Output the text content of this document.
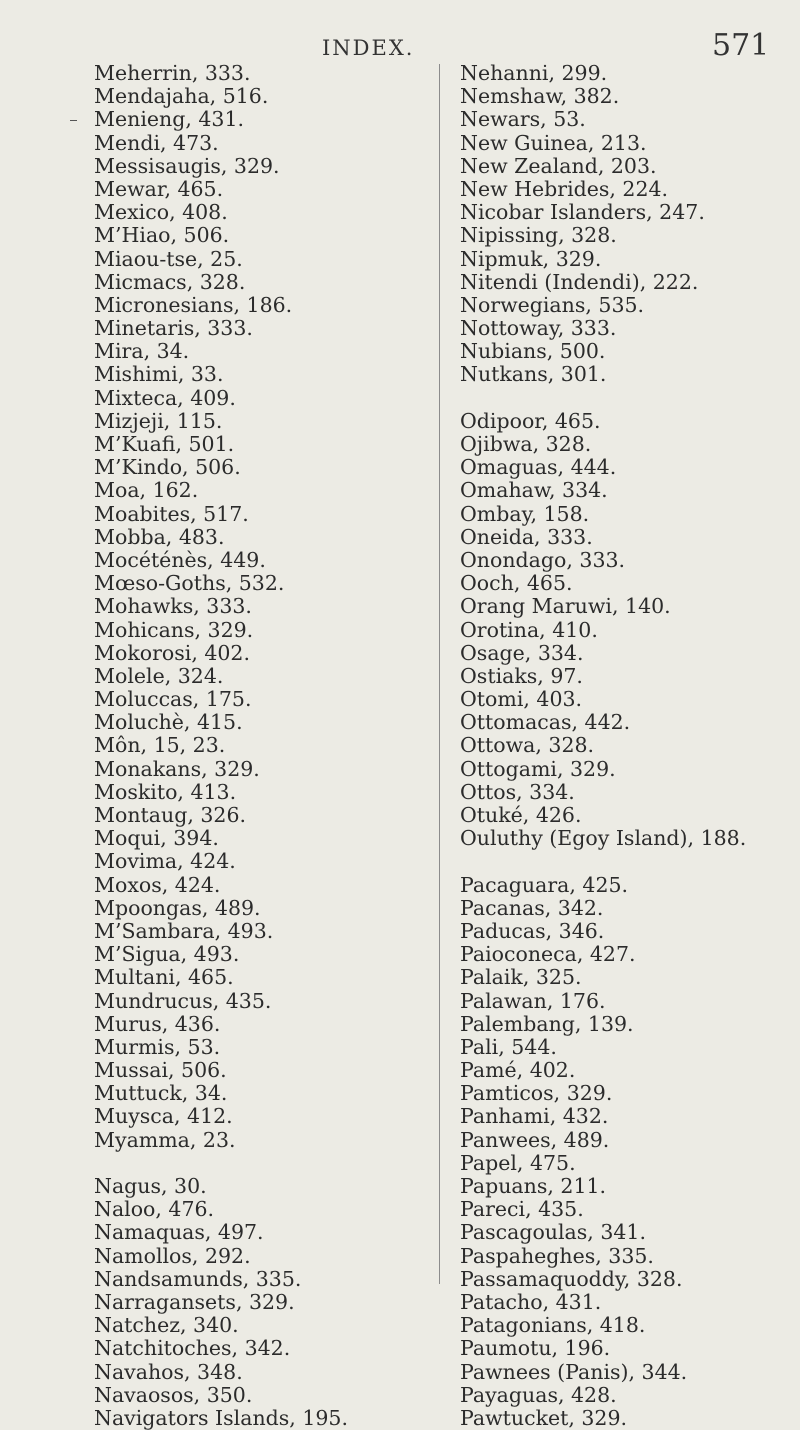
INDEX.	571
Meherrin, 333.
Mendajaha, 516.
Menieng, 431.
Mendi, 473.
Messisaugis, 329.
Mewar, 465.
Mexico, 408.
M’Hiao, 506.
Miaou-tse, 25.
Micmacs, 328.
Micronesians, 186.
Minetaris, 333.
Mira, 34.
Mishimi, 33.
Mixteca, 409.
Mizjeji, 115.
M’Kuafi, 501.
M’Kindo, 506.
Moa, 162.
Moabites, 517.
Mobba, 483.
Mocéténès, 449.
Mœso-Goths, 532.
Mohawks, 333.
Mohicans, 329.
Mokorosi, 402.
Molele, 324.
Moluccas, 175.
Moluchè, 415.
Môn, 15, 23.
Monakans, 329.
Moskito, 413.
Montaug, 326.
Moqui, 394.
Movima, 424.
Moxos, 424.
Mpoongas, 489.
M’Sambara, 493.
M’Sigua, 493.
Multani, 465.
Mundrucus, 435.
Murus, 436.
Murmis, 53.
Mussai, 506.
Muttuck, 34.
Muysca, 412.
Myamma, 23.
Nagus, 30.
Naloo, 476.
Namaquas, 497.
Namollos, 292.
Nandsamunds, 335.
Narragansets, 329.
Natchez, 340.
Natchitoches, 342.
Navahos, 348.
Navaosos, 350.
Navigators Islands, 195.
Nehanni, 299.
Nemshaw, 382.
Newars, 53.
New Guinea, 213.
New Zealand, 203.
New Hebrides, 224.
Nicobar Islanders, 247.
Nipissing, 328.
Nipmuk, 329.
Nitendi (Indendi), 222.
Norwegians, 535.
Nottoway, 333.
Nubians, 500.
Nutkans, 301.
Odipoor, 465.
Ojibwa, 328.
Omaguas, 444.
Omahaw, 334.
Ombay, 158.
Oneida, 333.
Onondago, 333.
Ooch, 465.
Orang Maruwi, 140.
Orotina, 410.
Osage, 334.
Ostiaks, 97.
Otomi, 403.
Ottomacas, 442.
Ottowa, 328.
Ottogami, 329.
Ottos, 334.
Otuké, 426.
Ouluthy (Egoy Island), 188.
Pacaguara, 425.
Pacanas, 342.
Paducas, 346.
Paioconeca, 427.
Palaik, 325.
Palawan, 176.
Palembang, 139.
Pali, 544.
Pamé, 402.
Pamticos, 329.
Panhami, 432.
Panwees, 489.
Papel, 475.
Papuans, 211.
Pareci, 435.
Pascagoulas, 341.
Paspaheghes, 335.
Passamaquoddy, 328.
Patacho, 431.
Patagonians, 418.
Paumotu, 196.
Pawnees (Panis), 344.
Payaguas, 428.
Pawtucket, 329.
